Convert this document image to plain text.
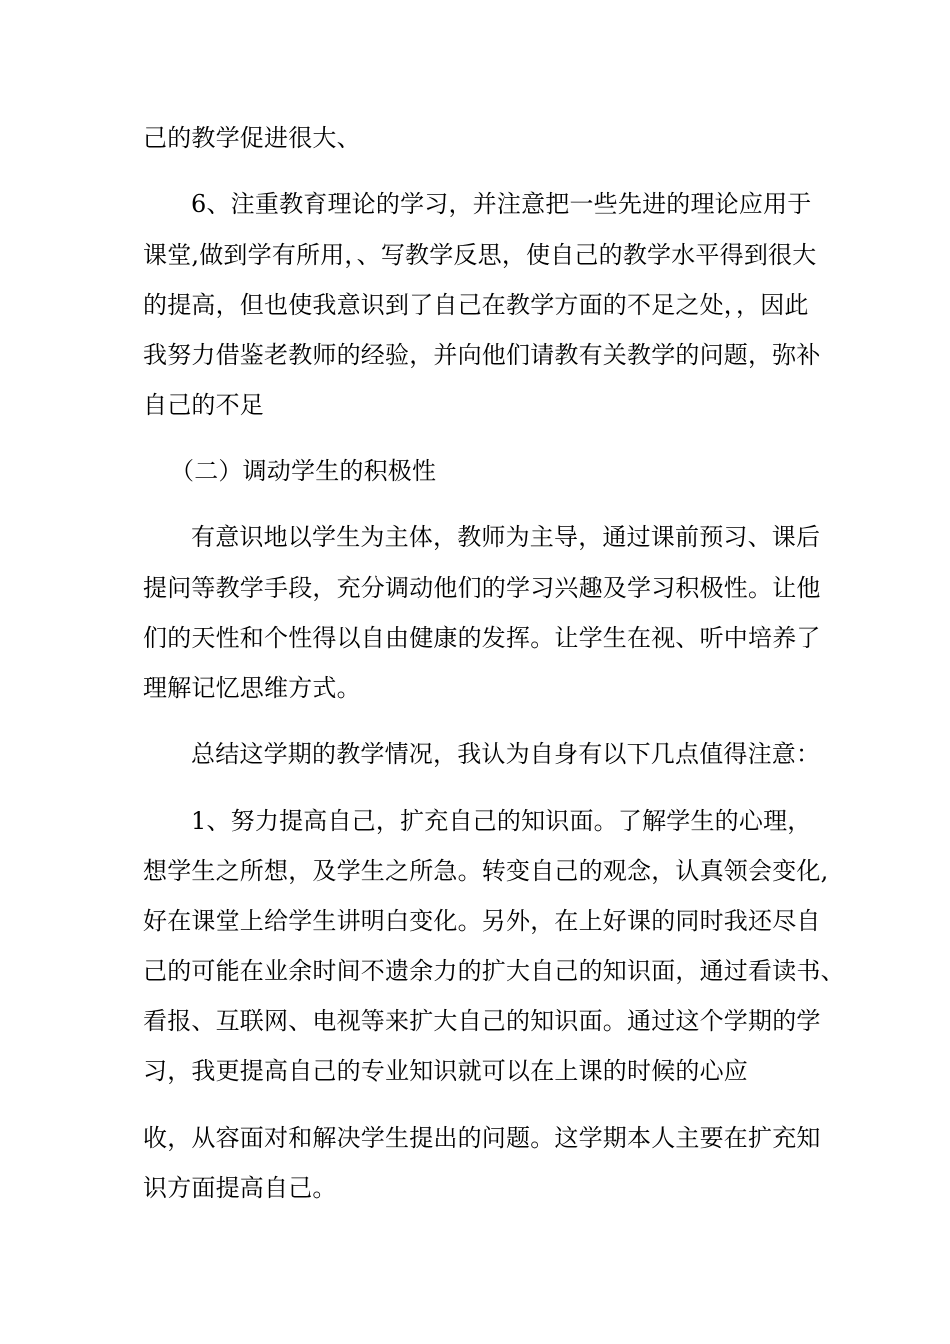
己的教学促进很大、
6、注重教育理论的学习，并注意把一些先进的理论应用于
课堂,做到学有所用，、写教学反思，使自己的教学水平得到很大
的提高，但也使我意识到了自己在教学方面的不足之处，，因此
我努力借鉴老教师的经验，并向他们请教有关教学的问题，弥补
自己的不足
（二）调动学生的积极性
有意识地以学生为主体，教师为主导，通过课前预习、课后
提问等教学手段，充分调动他们的学习兴趣及学习积极性。让他
们的天性和个性得以自由健康的发挥。让学生在视、听中培养了
理解记忆思维方式。
总结这学期的教学情况，我认为自身有以下几点值得注意：
1、努力提高自己，扩充自己的知识面。了解学生的心理，
想学生之所想，及学生之所急。转变自己的观念，认真领会变化,
好在课堂上给学生讲明白变化。另外，在上好课的同时我还尽自
己的可能在业余时间不遗余力的扩大自己的知识面，通过看读书、
看报、互联网、电视等来扩大自己的知识面。通过这个学期的学
习，我更提高自己的专业知识就可以在上课的时候的心应
收，从容面对和解决学生提出的问题。这学期本人主要在扩充知
识方面提高自己。
